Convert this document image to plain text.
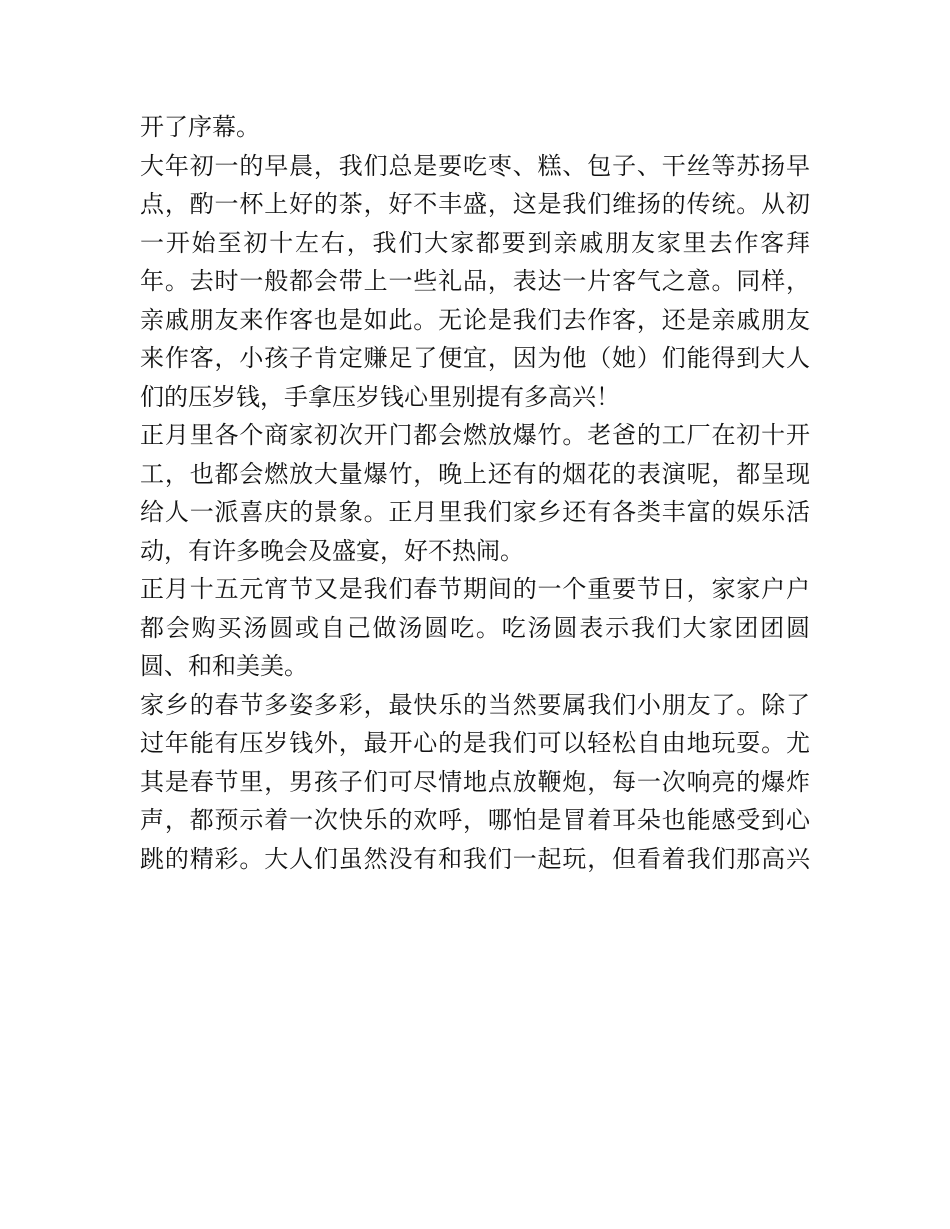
开了序幕。
大年初一的早晨，我们总是要吃枣、糕、包子、干丝等苏扬早
点，酌一杯上好的茶，好不丰盛，这是我们维扬的传统。从初
一开始至初十左右，我们大家都要到亲戚朋友家里去作客拜
年。去时一般都会带上一些礼品，表达一片客气之意。同样，
亲戚朋友来作客也是如此。无论是我们去作客，还是亲戚朋友
来作客，小孩子肯定赚足了便宜，因为他（她）们能得到大人
们的压岁钱，手拿压岁钱心里别提有多高兴！
正月里各个商家初次开门都会燃放爆竹。老爸的工厂在初十开
工，也都会燃放大量爆竹，晚上还有的烟花的表演呢，都呈现
给人一派喜庆的景象。正月里我们家乡还有各类丰富的娱乐活
动，有许多晚会及盛宴，好不热闹。
正月十五元宵节又是我们春节期间的一个重要节日，家家户户
都会购买汤圆或自己做汤圆吃。吃汤圆表示我们大家团团圆
圆、和和美美。
家乡的春节多姿多彩，最快乐的当然要属我们小朋友了。除了
过年能有压岁钱外，最开心的是我们可以轻松自由地玩耍。尤
其是春节里，男孩子们可尽情地点放鞭炮，每一次响亮的爆炸
声，都预示着一次快乐的欢呼，哪怕是冒着耳朵也能感受到心
跳的精彩。大人们虽然没有和我们一起玩，但看着我们那高兴
